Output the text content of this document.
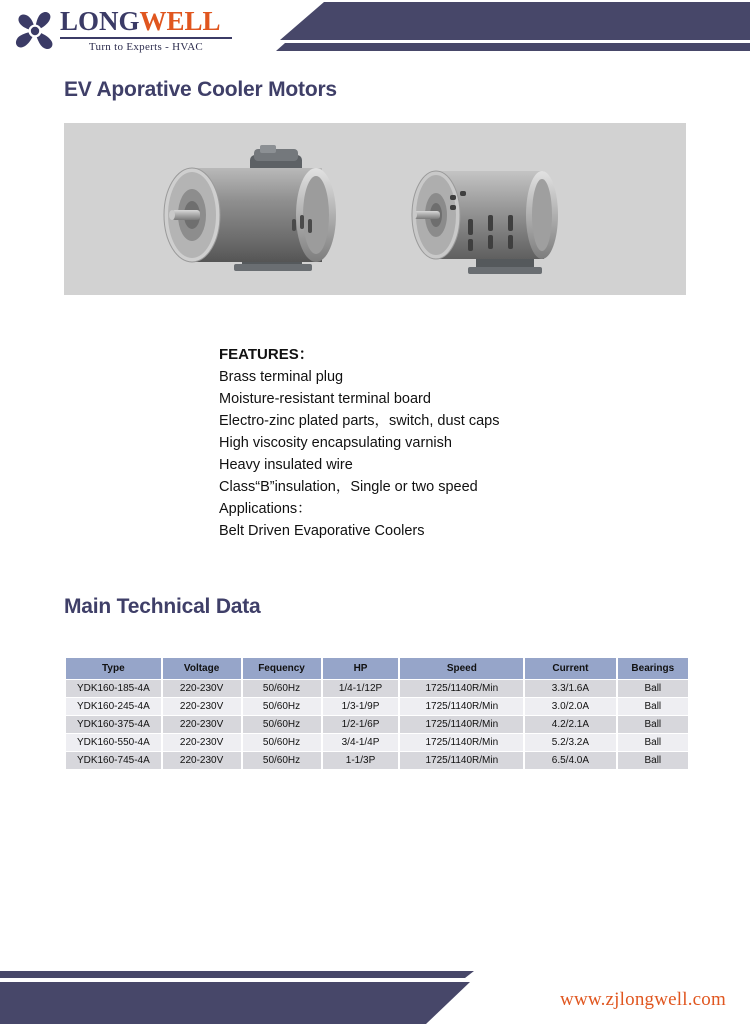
LONGWELL
Turn to Experts - HVAC
EV Aporative Cooler Motors
FEATURES：
Brass terminal plug
Moisture-resistant terminal board
Electro-zinc plated parts，switch, dust caps
High viscosity encapsulating varnish
Heavy insulated wire
Class“B”insulation，Single or two speed
Applications：
Belt Driven Evaporative Coolers
Main Technical Data
Type	Voltage	Fequency	HP	Speed	Current	Bearings
YDK160-185-4A	220-230V	50/60Hz	1/4-1/12P	1725/1140R/Min	3.3/1.6A	Ball
YDK160-245-4A	220-230V	50/60Hz	1/3-1/9P	1725/1140R/Min	3.0/2.0A	Ball
YDK160-375-4A	220-230V	50/60Hz	1/2-1/6P	1725/1140R/Min	4.2/2.1A	Ball
YDK160-550-4A	220-230V	50/60Hz	3/4-1/4P	1725/1140R/Min	5.2/3.2A	Ball
YDK160-745-4A	220-230V	50/60Hz	1-1/3P	1725/1140R/Min	6.5/4.0A	Ball
www.zjlongwell.com
